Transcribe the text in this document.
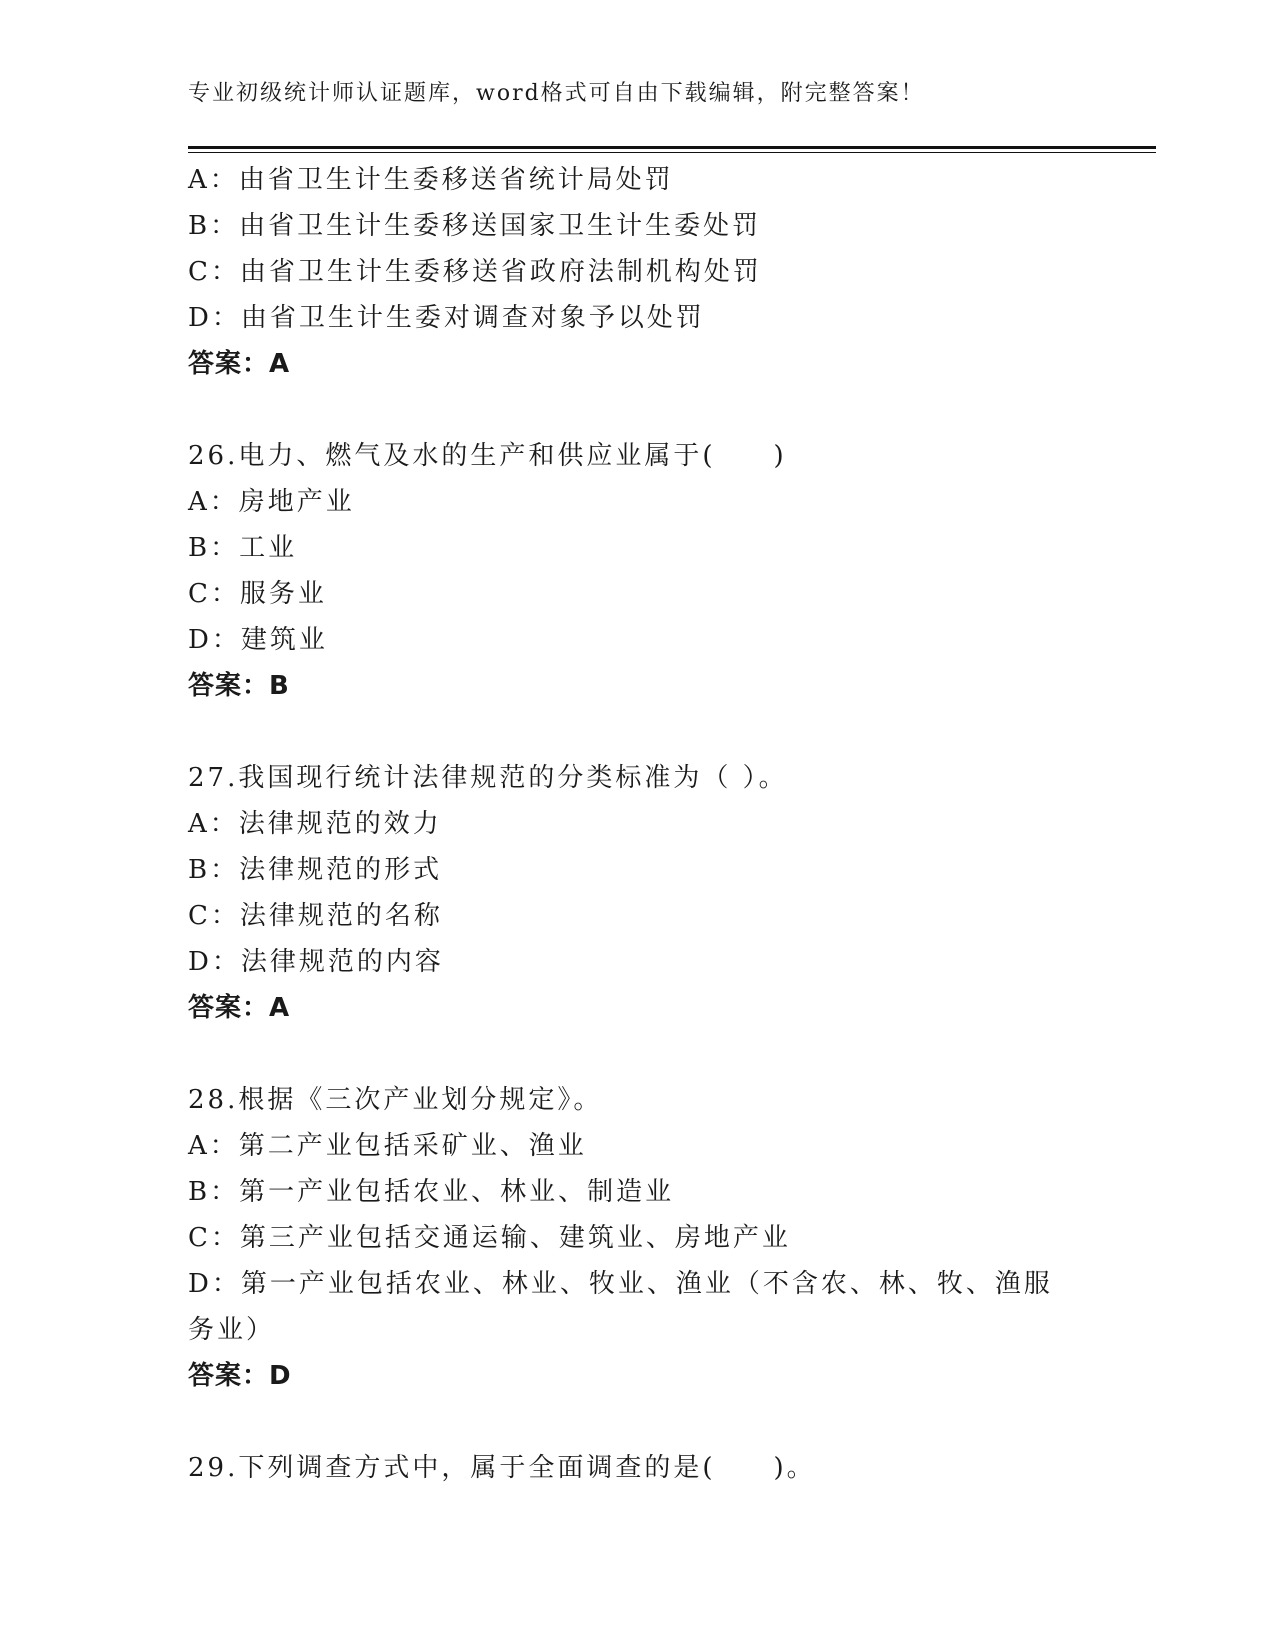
专业初级统计师认证题库，word格式可自由下载编辑，附完整答案！
A：由省卫生计生委移送省统计局处罚
B：由省卫生计生委移送国家卫生计生委处罚
C：由省卫生计生委移送省政府法制机构处罚
D：由省卫生计生委对调查对象予以处罚
答案：A
26.电力、燃气及水的生产和供应业属于(　　)
A：房地产业
B：工业
C：服务业
D：建筑业
答案：B
27.我国现行统计法律规范的分类标准为（ ）。
A：法律规范的效力
B：法律规范的形式
C：法律规范的名称
D：法律规范的内容
答案：A
28.根据《三次产业划分规定》。
A：第二产业包括采矿业、渔业
B：第一产业包括农业、林业、制造业
C：第三产业包括交通运输、建筑业、房地产业
D：第一产业包括农业、林业、牧业、渔业（不含农、林、牧、渔服务业）
答案：D
29.下列调查方式中，属于全面调查的是(　　)。
